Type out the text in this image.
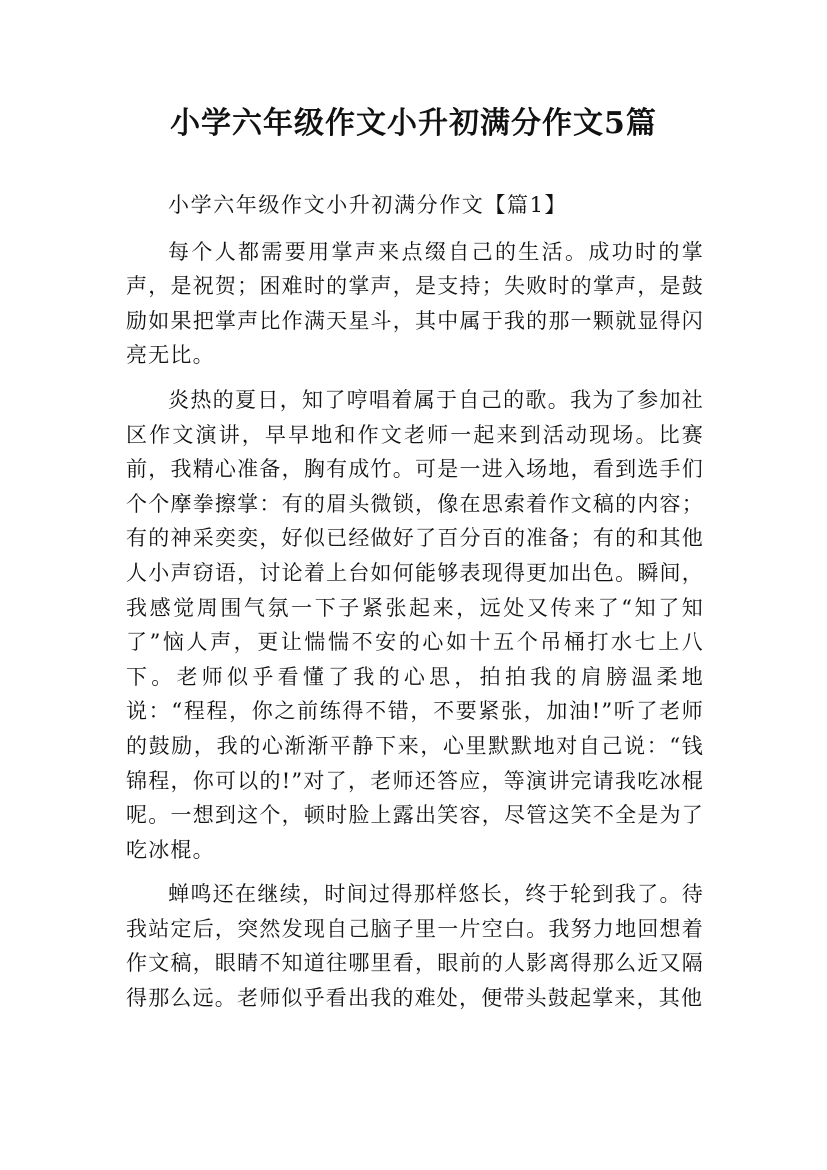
小学六年级作文小升初满分作文5篇

小学六年级作文小升初满分作文【篇1】

每个人都需要用掌声来点缀自己的生活。成功时的掌声，是祝贺；困难时的掌声，是支持；失败时的掌声，是鼓励如果把掌声比作满天星斗，其中属于我的那一颗就显得闪亮无比。

炎热的夏日，知了哼唱着属于自己的歌。我为了参加社区作文演讲，早早地和作文老师一起来到活动现场。比赛前，我精心准备，胸有成竹。可是一进入场地，看到选手们个个摩拳擦掌：有的眉头微锁，像在思索着作文稿的内容；有的神采奕奕，好似已经做好了百分百的准备；有的和其他人小声窃语，讨论着上台如何能够表现得更加出色。瞬间，我感觉周围气氛一下子紧张起来，远处又传来了“知了知了”恼人声，更让惴惴不安的心如十五个吊桶打水七上八下。老师似乎看懂了我的心思，拍拍我的肩膀温柔地说：“程程，你之前练得不错，不要紧张，加油!”听了老师的鼓励，我的心渐渐平静下来，心里默默地对自己说：“钱锦程，你可以的!”对了，老师还答应，等演讲完请我吃冰棍呢。一想到这个，顿时脸上露出笑容，尽管这笑不全是为了吃冰棍。

蝉鸣还在继续，时间过得那样悠长，终于轮到我了。待我站定后，突然发现自己脑子里一片空白。我努力地回想着作文稿，眼睛不知道往哪里看，眼前的人影离得那么近又隔得那么远。老师似乎看出我的难处，便带头鼓起掌来，其他
